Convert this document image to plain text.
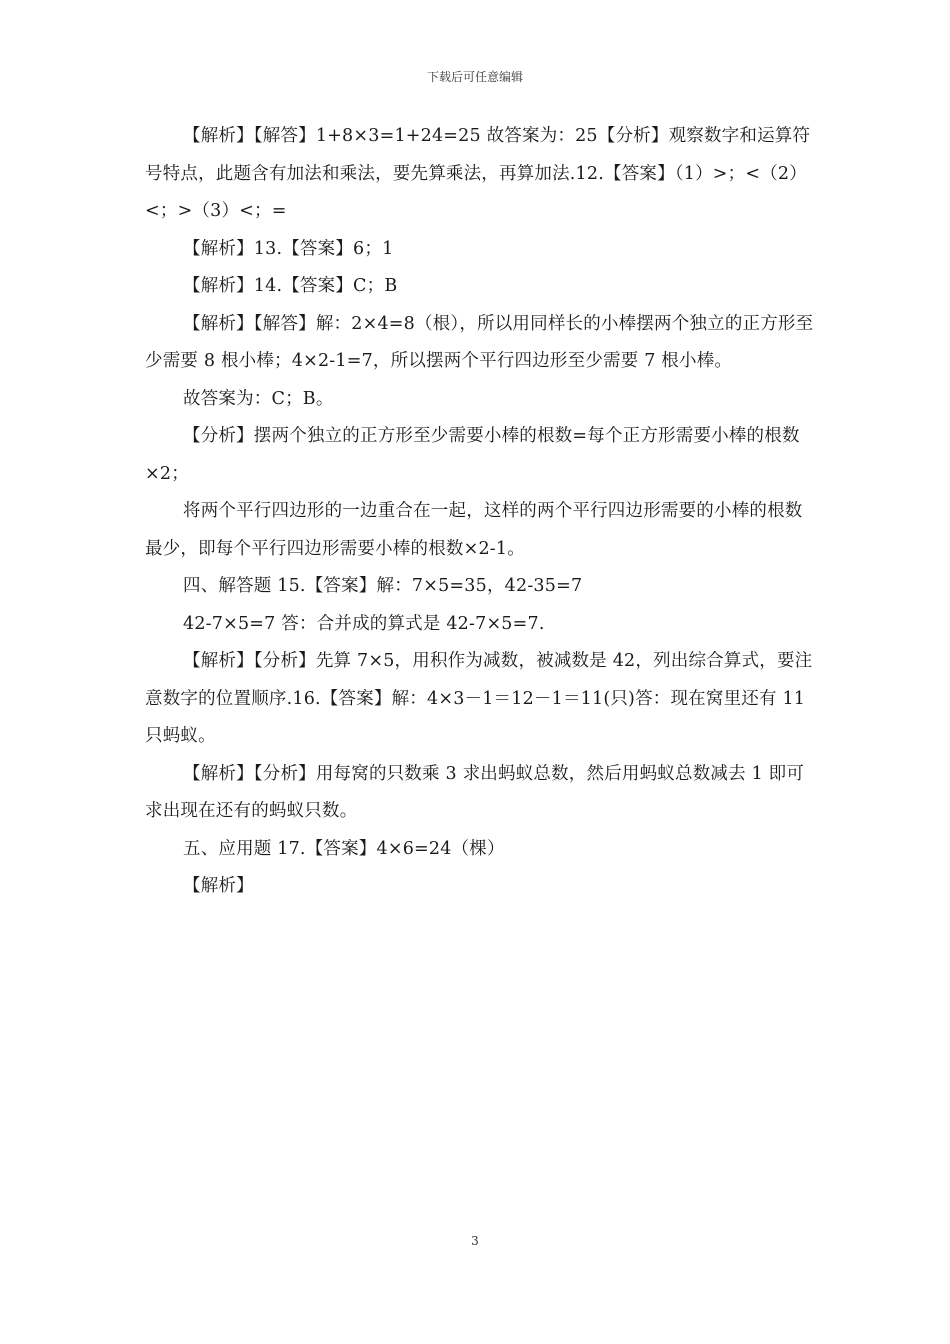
下载后可任意编辑

【解析】【解答】1+8×3=1+24=25 故答案为：25【分析】观察数字和运算符号特点，此题含有加法和乘法，要先算乘法，再算加法.12.【答案】（1）>；<（2）<；>（3）<；=

【解析】13.【答案】6；1

【解析】14.【答案】C；B

【解析】【解答】解：2×4=8（根），所以用同样长的小棒摆两个独立的正方形至少需要 8 根小棒；4×2-1=7，所以摆两个平行四边形至少需要 7 根小棒。

故答案为：C；B。

【分析】摆两个独立的正方形至少需要小棒的根数=每个正方形需要小棒的根数×2；

将两个平行四边形的一边重合在一起，这样的两个平行四边形需要的小棒的根数最少，即每个平行四边形需要小棒的根数×2-1。

四、解答题 15.【答案】解：7×5=35，42-35=7

42-7×5=7 答：合并成的算式是 42-7×5=7.

【解析】【分析】先算 7×5，用积作为减数，被减数是 42，列出综合算式，要注意数字的位置顺序.16.【答案】解：4×3－1＝12－1＝11(只)答：现在窝里还有 11 只蚂蚁。

【解析】【分析】用每窝的只数乘 3 求出蚂蚁总数，然后用蚂蚁总数减去 1 即可求出现在还有的蚂蚁只数。

五、应用题 17.【答案】4×6=24（棵）

【解析】

3
